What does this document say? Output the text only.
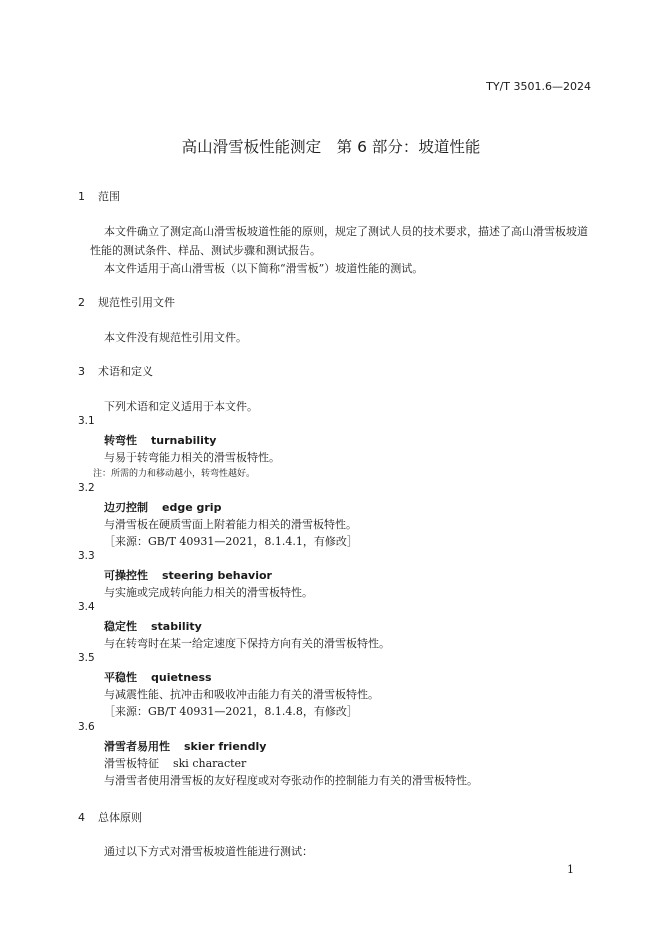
TY/T 3501.6—2024
高山滑雪板性能测定　第 6 部分：坡道性能
1 范围
本文件确立了测定高山滑雪板坡道性能的原则，规定了测试人员的技术要求，描述了高山滑雪板坡道性能的测试条件、样品、测试步骤和测试报告。
本文件适用于高山滑雪板（以下简称“滑雪板”）坡道性能的测试。
2 规范性引用文件
本文件没有规范性引用文件。
3 术语和定义
下列术语和定义适用于本文件。
3.1
转弯性 turnability
与易于转弯能力相关的滑雪板特性。
注：所需的力和移动越小，转弯性越好。
3.2
边刃控制 edge grip
与滑雪板在硬质雪面上附着能力相关的滑雪板特性。
［来源：GB/T 40931—2021，8.1.4.1，有修改］
3.3
可操控性 steering behavior
与实施或完成转向能力相关的滑雪板特性。
3.4
稳定性 stability
与在转弯时在某一给定速度下保持方向有关的滑雪板特性。
3.5
平稳性 quietness
与减震性能、抗冲击和吸收冲击能力有关的滑雪板特性。
［来源：GB/T 40931—2021，8.1.4.8，有修改］
3.6
滑雪者易用性 skier friendly
滑雪板特征 ski character
与滑雪者使用滑雪板的友好程度或对夸张动作的控制能力有关的滑雪板特性。
4 总体原则
通过以下方式对滑雪板坡道性能进行测试：
1
